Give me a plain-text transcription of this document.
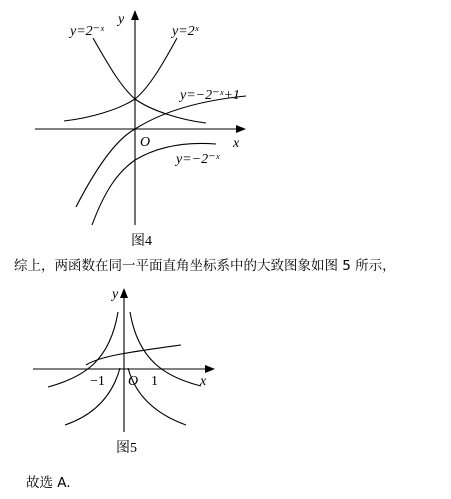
y=2⁻ˣ	y=2ˣ
y=−2⁻ˣ+1
y=−2⁻ˣ
x
y
O
图4
y
x
O
−1	1
图5
综上，两函数在同一平面直角坐标系中的大致图象如图 5 所示，
故选 A.
